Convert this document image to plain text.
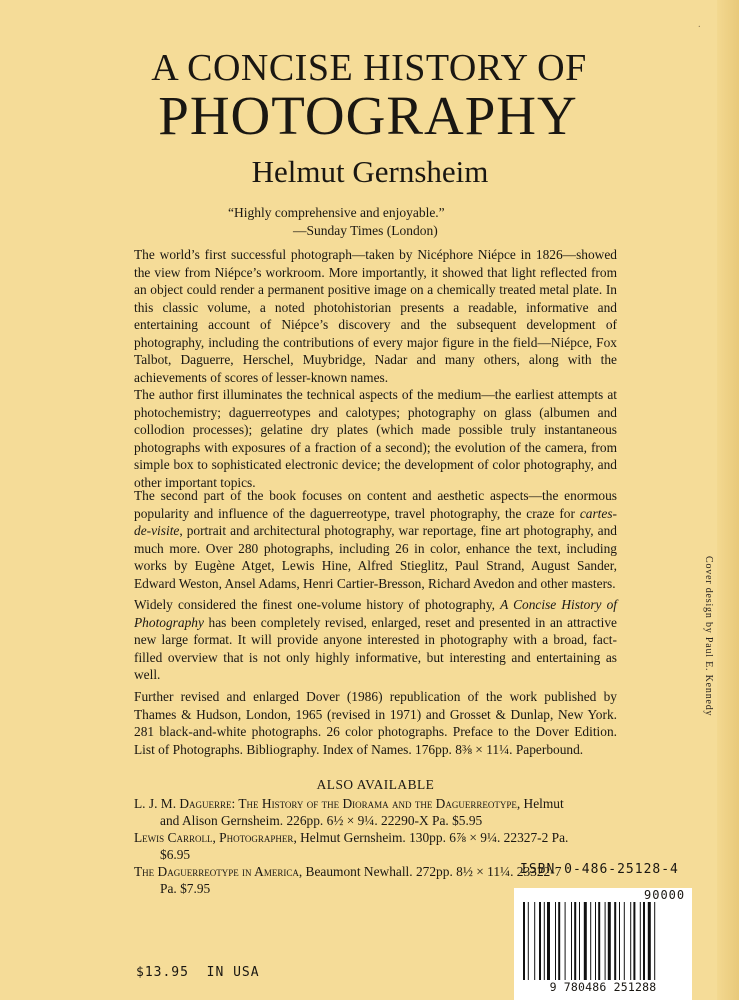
·
A CONCISE HISTORY OF
PHOTOGRAPHY
Helmut Gernsheim
“Highly comprehensive and enjoyable.”
—Sunday Times (London)

The world’s first successful photograph—taken by Nicéphore Niépce in 1826—showed the view from Niépce’s workroom. More importantly, it showed that light reflected from an object could render a permanent positive image on a chemically treated metal plate. In this classic volume, a noted photohistorian presents a readable, informative and entertaining account of Niépce’s discovery and the subsequent development of photography, including the contributions of every major figure in the field—Niépce, Fox Talbot, Daguerre, Herschel, Muybridge, Nadar and many others, along with the achievements of scores of lesser-known names.

The author first illuminates the technical aspects of the medium—the earliest attempts at photochemistry; daguerreotypes and calotypes; photography on glass (albumen and collodion processes); gelatine dry plates (which made possible truly instantaneous photographs with exposures of a fraction of a second); the evolution of the camera, from simple box to sophisticated electronic device; the development of color photography, and other important topics.

The second part of the book focuses on content and aesthetic aspects—the enormous popularity and influence of the daguerreotype, travel photography, the craze for cartes-de-visite, portrait and architectural photography, war reportage, fine art photography, and much more. Over 280 photographs, including 26 in color, enhance the text, including works by Eugène Atget, Lewis Hine, Alfred Stieglitz, Paul Strand, August Sander, Edward Weston, Ansel Adams, Henri Cartier-Bresson, Richard Avedon and other masters.

Widely considered the finest one-volume history of photography, A Concise History of Photography has been completely revised, enlarged, reset and presented in an attractive new large format. It will provide anyone interested in photography with a broad, fact-filled overview that is not only highly informative, but interesting and entertaining as well.

Further revised and enlarged Dover (1986) republication of the work published by Thames & Hudson, London, 1965 (revised in 1971) and Grosset & Dunlap, New York. 281 black-and-white photographs. 26 color photographs. Preface to the Dover Edition. List of Photographs. Bibliography. Index of Names. 176pp. 8⅜ × 11¼. Paperbound.

ALSO AVAILABLE
L. J. M. Daguerre: The History of the Diorama and the Daguerreotype, Helmut and Alison Gernsheim. 226pp. 6½ × 9¼. 22290-X Pa. $5.95
Lewis Carroll, Photographer, Helmut Gernsheim. 130pp. 6⅞ × 9¼. 22327-2 Pa. $6.95
The Daguerreotype in America, Beaumont Newhall. 272pp. 8½ × 11¼. 23322-7 Pa. $7.95
Cover design by Paul E. Kennedy
ISBN 0-486-25128-4
90000
9 780486 251288
$13.95  IN USA
